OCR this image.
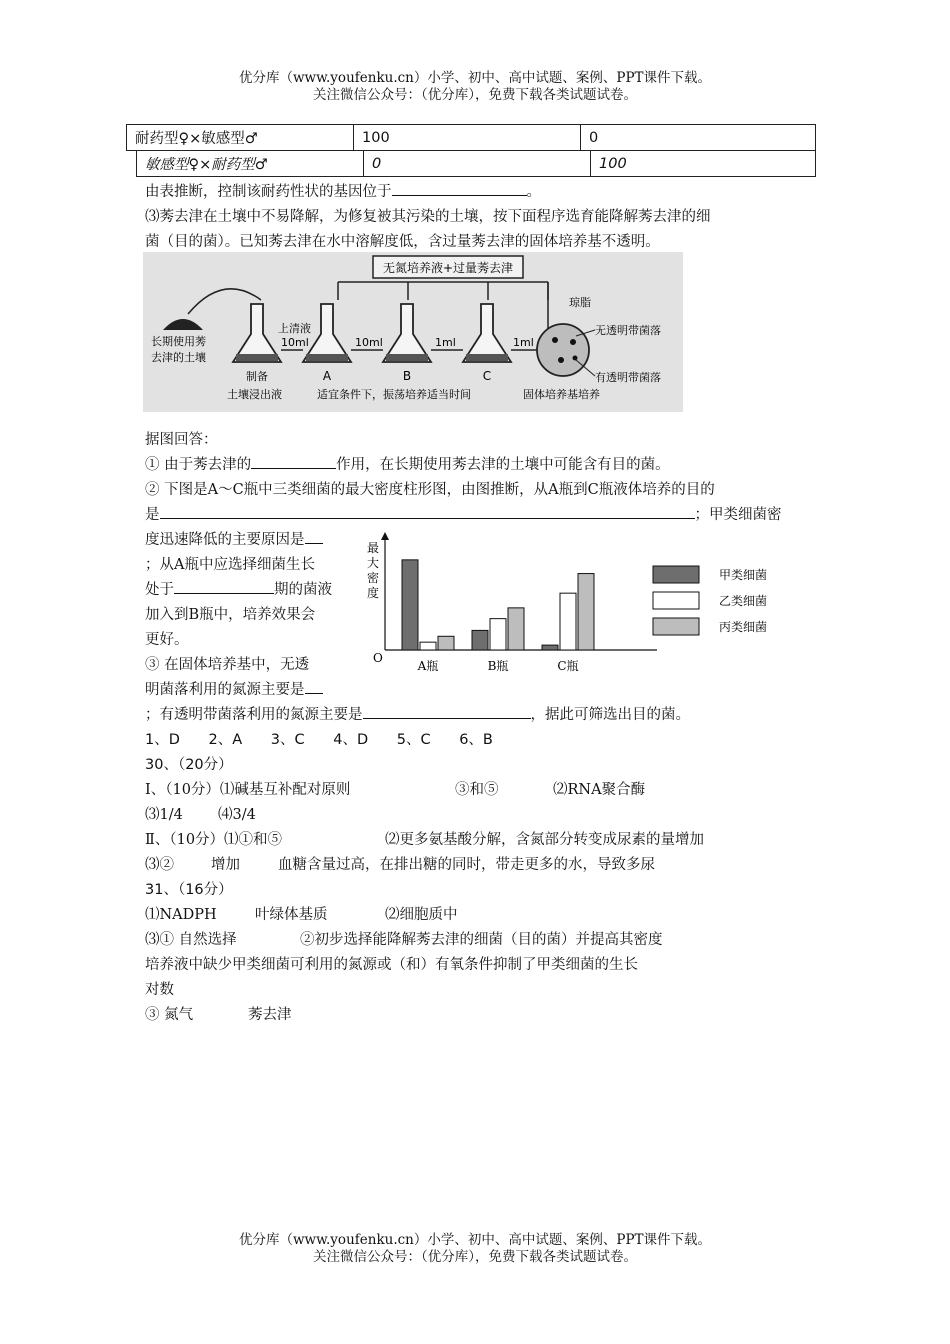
优分库（www.youfenku.cn）小学、初中、高中试题、案例、PPT课件下载。
关注微信公众号：（优分库），免费下载各类试题试卷。
耐药型♀×敏感型♂	100	0
敏感型♀×耐药型♂	0	100
由表推断，控制该耐药性状的基因位于	。
⑶莠去津在土壤中不易降解，为修复被其污染的土壤，按下面程序选育能降解莠去津的细
菌（目的菌）。已知莠去津在水中溶解度低，含过量莠去津的固体培养基不透明。
无氮培养液+过量莠去津
长期使用莠
去津的土壤
上清液
10ml	10ml	1ml	1ml
制备	A	B	C
土壤浸出液	适宜条件下，振荡培养适当时间	固体培养基培养
琼脂
无透明带菌落
有透明带菌落
据图回答：
① 由于莠去津的	作用，在长期使用莠去津的土壤中可能含有目的菌。
② 下图是A～C瓶中三类细菌的最大密度柱形图，由图推断，从A瓶到C瓶液体培养的目的
是	；甲类细菌密
度迅速降低的主要原因是
；从A瓶中应选择细菌生长
处于	期的菌液
加入到B瓶中，培养效果会
更好。
③ 在固体培养基中，无透
明菌落利用的氮源主要是
；有透明带菌落利用的氮源主要是	，据此可筛选出目的菌。
最大密度
O
A瓶	B瓶	C瓶
甲类细菌
乙类细菌
丙类细菌
1、D 2、A 3、C 4、D 5、C 6、B
30、（20分）
Ⅰ、（10分）⑴碱基互补配对原则	③和⑤	⑵RNA聚合酶
⑶1/4 ⑷3/4
Ⅱ、（10分）⑴①和⑤	⑵更多氨基酸分解，含氮部分转变成尿素的量增加
⑶②	增加	血糖含量过高，在排出糖的同时，带走更多的水，导致多尿
31、（16分）
⑴NADPH	叶绿体基质	⑵细胞质中
⑶① 自然选择	②初步选择能降解莠去津的细菌（目的菌）并提高其密度
培养液中缺少甲类细菌可利用的氮源或（和）有氧条件抑制了甲类细菌的生长
对数
③ 氮气	莠去津
优分库（www.youfenku.cn）小学、初中、高中试题、案例、PPT课件下载。
关注微信公众号：（优分库），免费下载各类试题试卷。
